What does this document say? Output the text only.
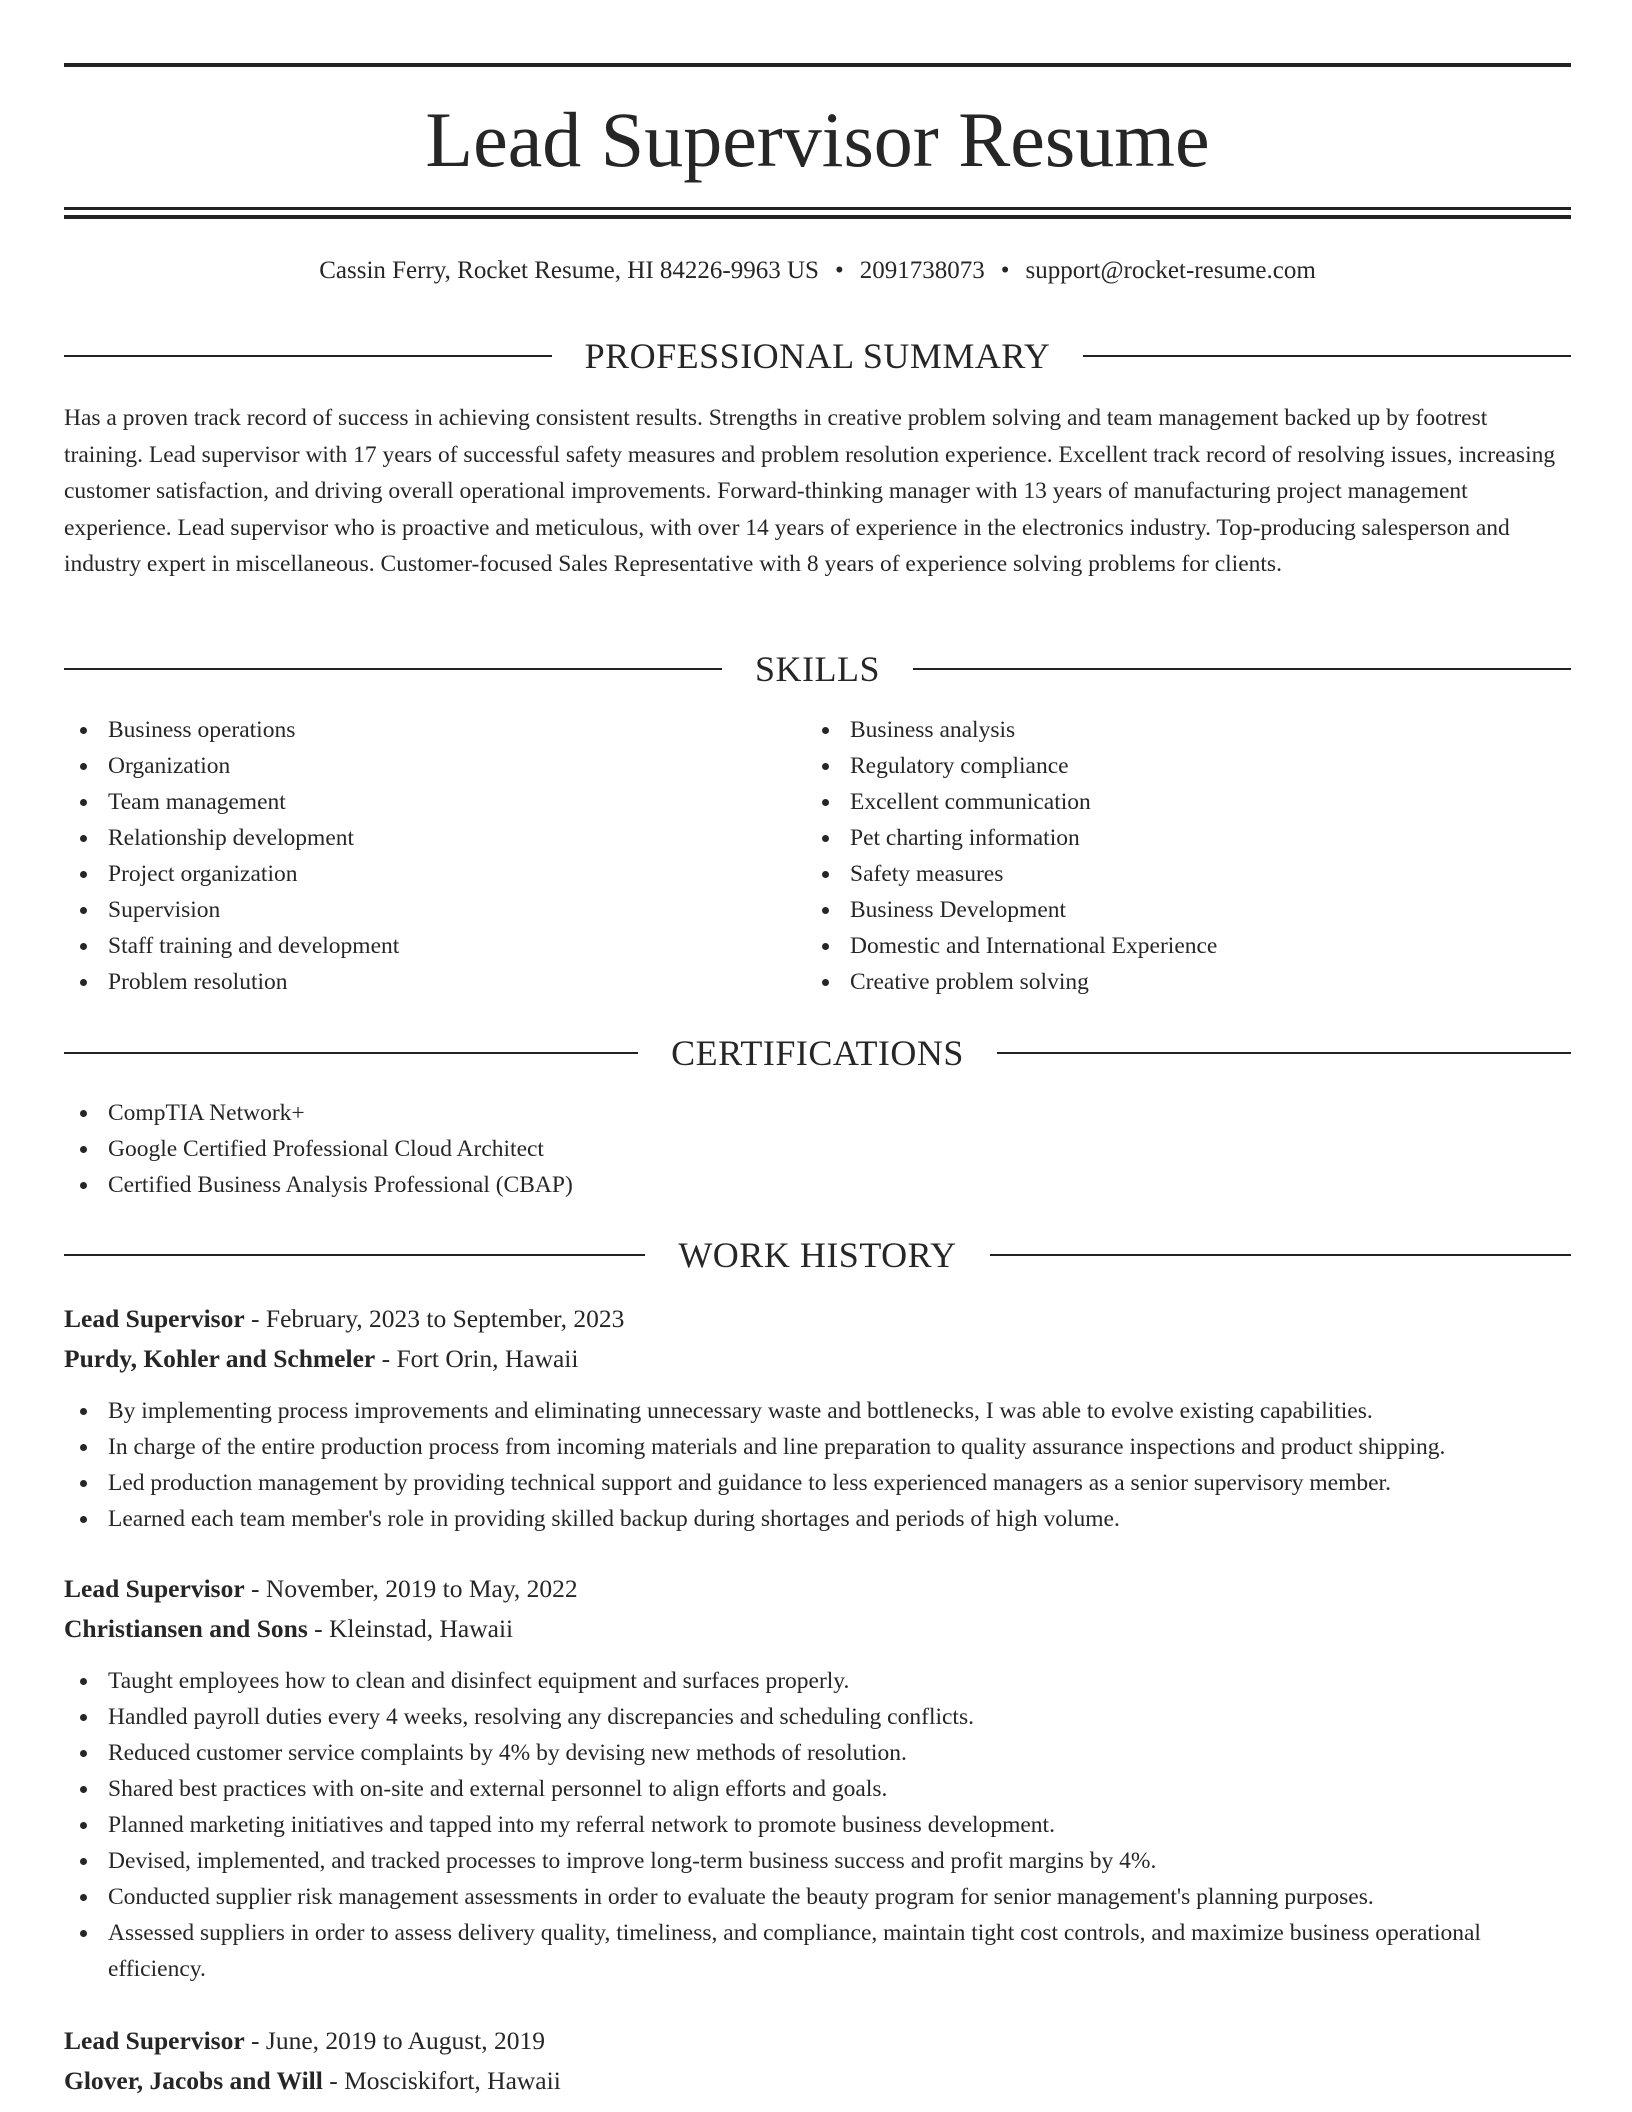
Lead Supervisor Resume
Cassin Ferry, Rocket Resume, HI 84226-9963 US • 2091738073 • support@rocket-resume.com
PROFESSIONAL SUMMARY

Has a proven track record of success in achieving consistent results. Strengths in creative problem solving and team management backed up by footrest training. Lead supervisor with 17 years of successful safety measures and problem resolution experience. Excellent track record of resolving issues, increasing customer satisfaction, and driving overall operational improvements. Forward-thinking manager with 13 years of manufacturing project management experience. Lead supervisor who is proactive and meticulous, with over 14 years of experience in the electronics industry. Top-producing salesperson and industry expert in miscellaneous. Customer-focused Sales Representative with 8 years of experience solving problems for clients.

SKILLS
Business operations
Organization
Team management
Relationship development
Project organization
Supervision
Staff training and development
Problem resolution
Business analysis
Regulatory compliance
Excellent communication
Pet charting information
Safety measures
Business Development
Domestic and International Experience
Creative problem solving
CERTIFICATIONS
CompTIA Network+
Google Certified Professional Cloud Architect
Certified Business Analysis Professional (CBAP)
WORK HISTORY
Lead Supervisor - February, 2023 to September, 2023
Purdy, Kohler and Schmeler - Fort Orin, Hawaii
By implementing process improvements and eliminating unnecessary waste and bottlenecks, I was able to evolve existing capabilities.
In charge of the entire production process from incoming materials and line preparation to quality assurance inspections and product shipping.
Led production management by providing technical support and guidance to less experienced managers as a senior supervisory member.
Learned each team member's role in providing skilled backup during shortages and periods of high volume.
Lead Supervisor - November, 2019 to May, 2022
Christiansen and Sons - Kleinstad, Hawaii
Taught employees how to clean and disinfect equipment and surfaces properly.
Handled payroll duties every 4 weeks, resolving any discrepancies and scheduling conflicts.
Reduced customer service complaints by 4% by devising new methods of resolution.
Shared best practices with on-site and external personnel to align efforts and goals.
Planned marketing initiatives and tapped into my referral network to promote business development.
Devised, implemented, and tracked processes to improve long-term business success and profit margins by 4%.
Conducted supplier risk management assessments in order to evaluate the beauty program for senior management's planning purposes.
Assessed suppliers in order to assess delivery quality, timeliness, and compliance, maintain tight cost controls, and maximize business operational efficiency.
Lead Supervisor - June, 2019 to August, 2019
Glover, Jacobs and Will - Mosciskifort, Hawaii
